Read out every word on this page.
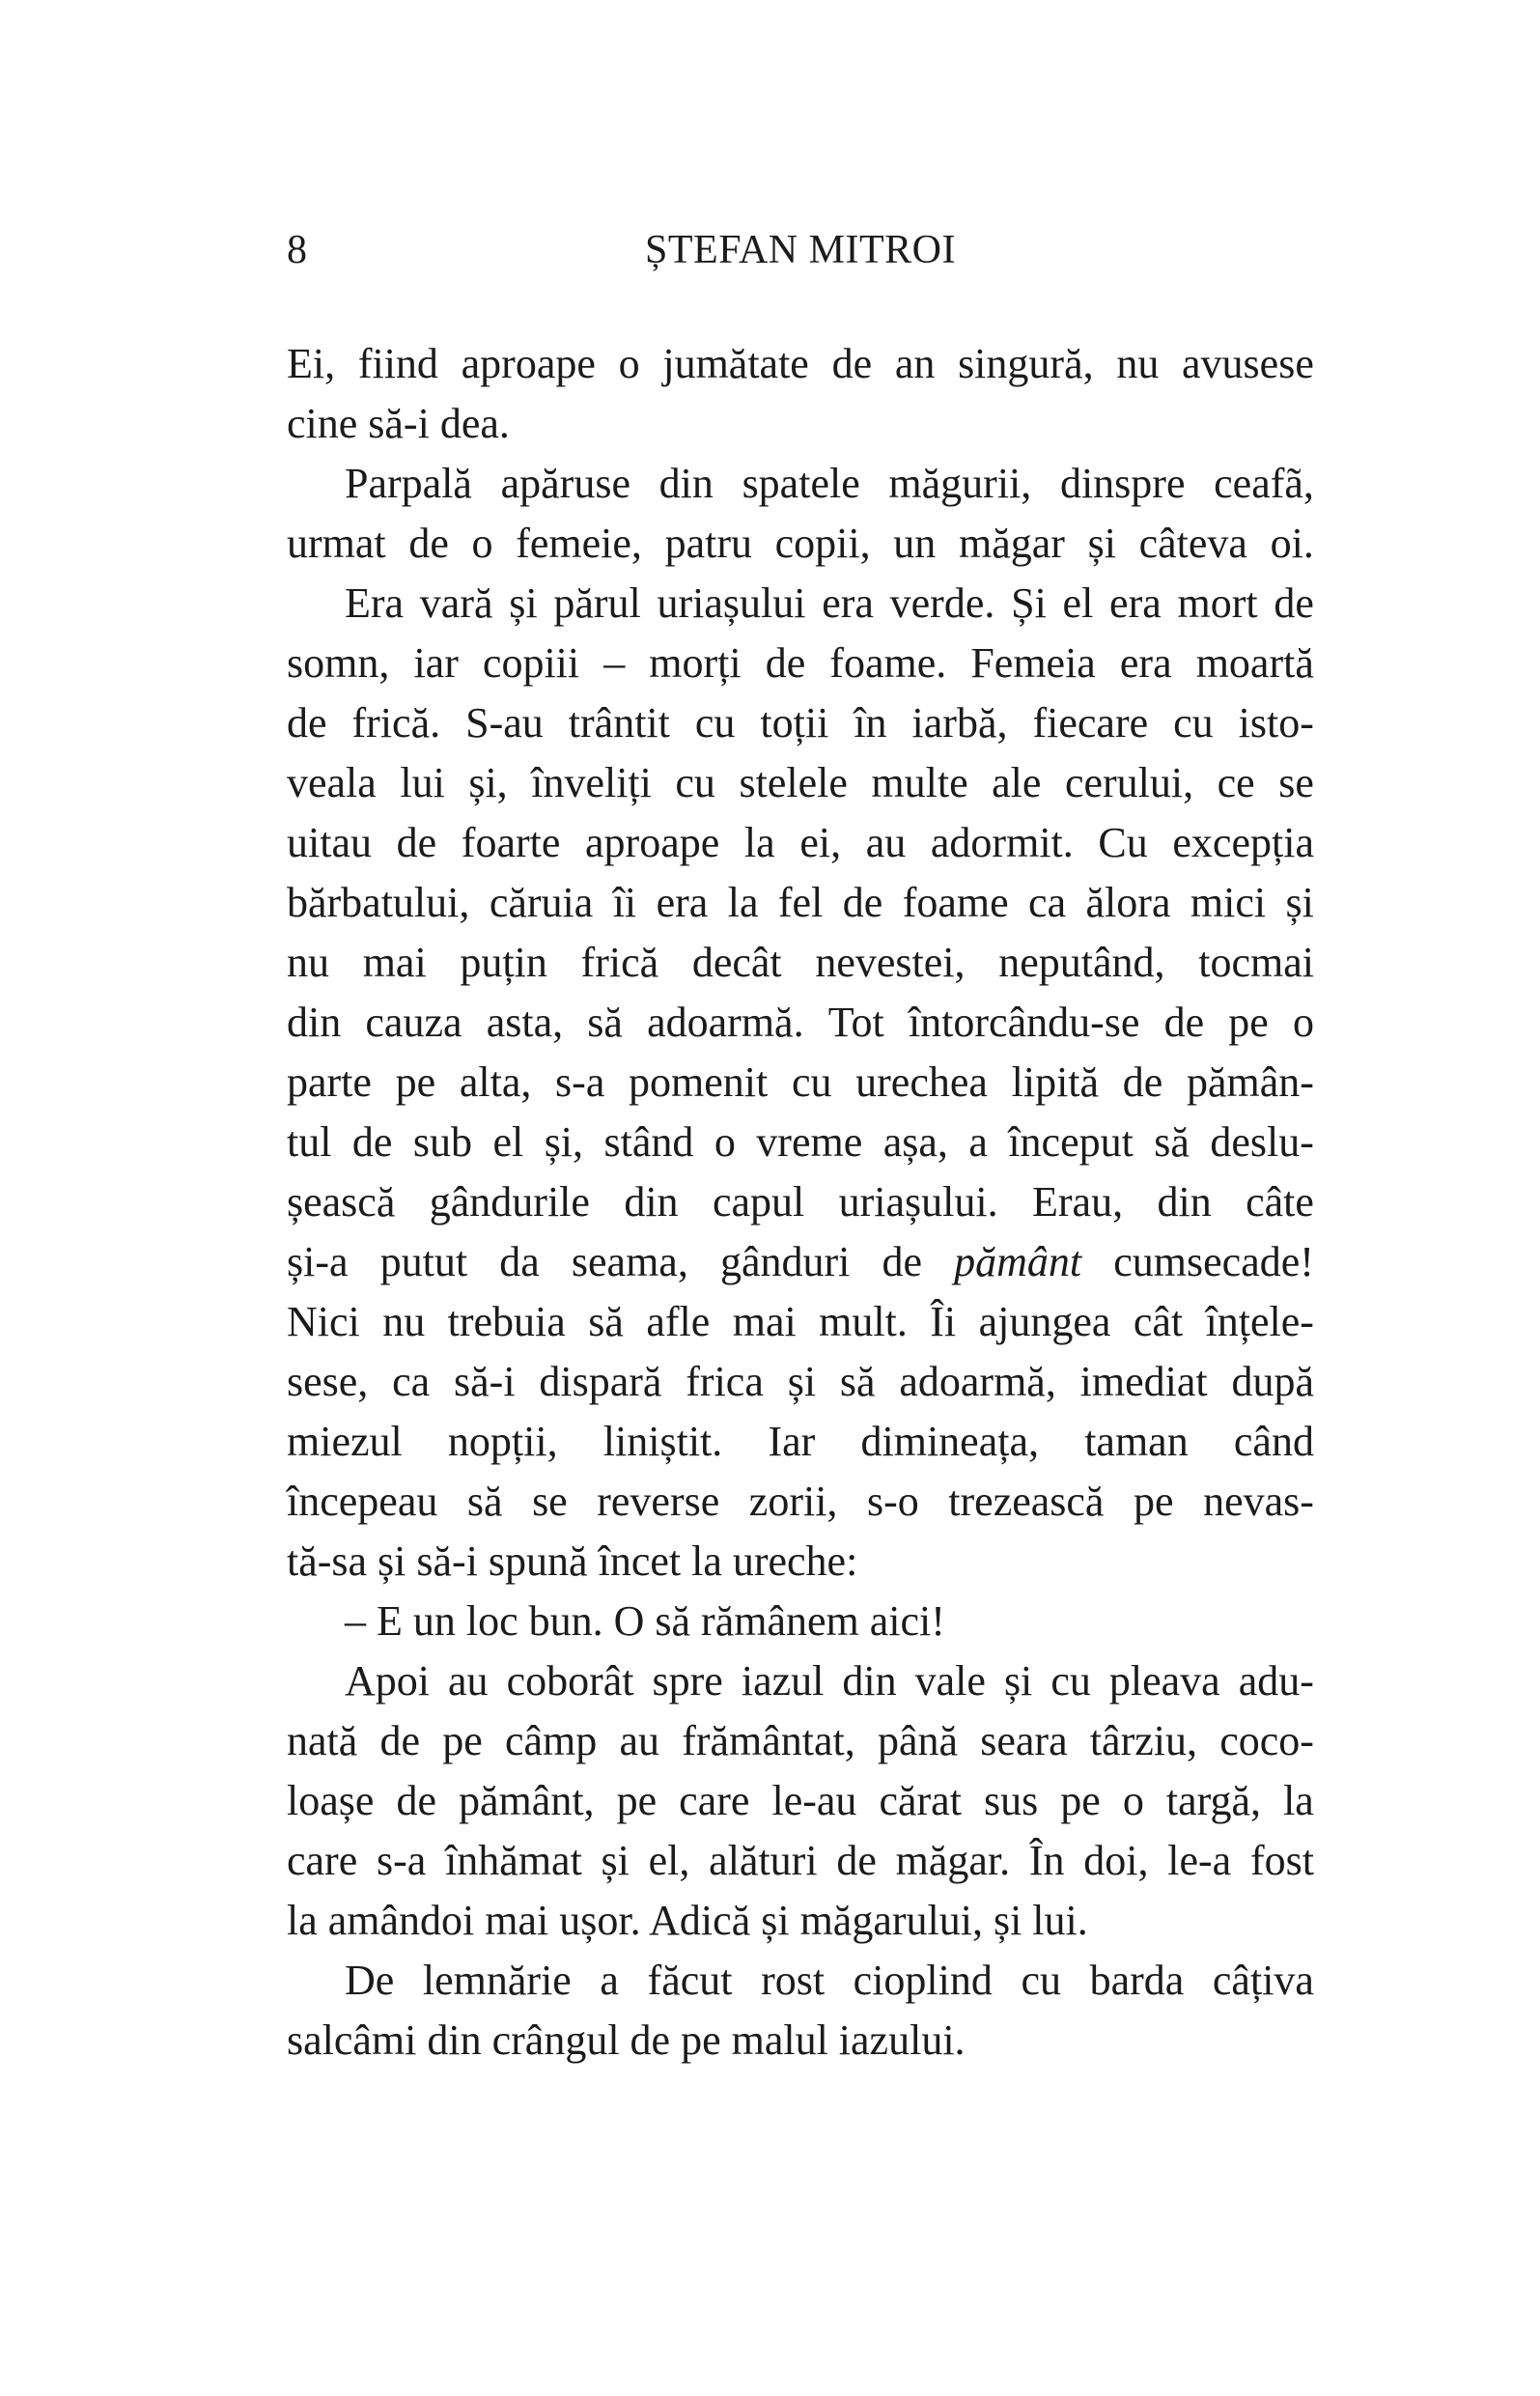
8	ȘTEFAN MITROI
Ei, fiind aproape o jumătate de an singură, nu avusese
cine să-i dea.
Parpală apăruse din spatele măgurii, dinspre ceafã,
urmat de o femeie, patru copii, un măgar și câteva oi.
Era vară și părul uriașului era verde. Și el era mort de
somn, iar copiii – morți de foame. Femeia era moartă
de frică. S-au trântit cu toții în iarbă, fiecare cu isto-
veala lui și, înveliți cu stelele multe ale cerului, ce se
uitau de foarte aproape la ei, au adormit. Cu excepția
bărbatului, căruia îi era la fel de foame ca ălora mici și
nu mai puțin frică decât nevestei, neputând, tocmai
din cauza asta, să adoarmă. Tot întorcându-se de pe o
parte pe alta, s-a pomenit cu urechea lipită de pămân-
tul de sub el și, stând o vreme așa, a început să deslu-
șească gândurile din capul uriașului. Erau, din câte
și-a putut da seama, gânduri de pământ cumsecade!
Nici nu trebuia să afle mai mult. Îi ajungea cât înțele-
sese, ca să-i dispară frica și să adoarmă, imediat după
miezul nopții, liniștit. Iar dimineața, taman când
începeau să se reverse zorii, s-o trezească pe nevas-
tă-sa și să-i spună încet la ureche:
– E un loc bun. O să rămânem aici!
Apoi au coborât spre iazul din vale și cu pleava adu-
nată de pe câmp au frământat, până seara târziu, coco-
loașe de pământ, pe care le-au cărat sus pe o targă, la
care s-a înhămat și el, alături de măgar. În doi, le-a fost
la amândoi mai ușor. Adică și măgarului, și lui.
De lemnărie a făcut rost cioplind cu barda câțiva
salcâmi din crângul de pe malul iazului.
